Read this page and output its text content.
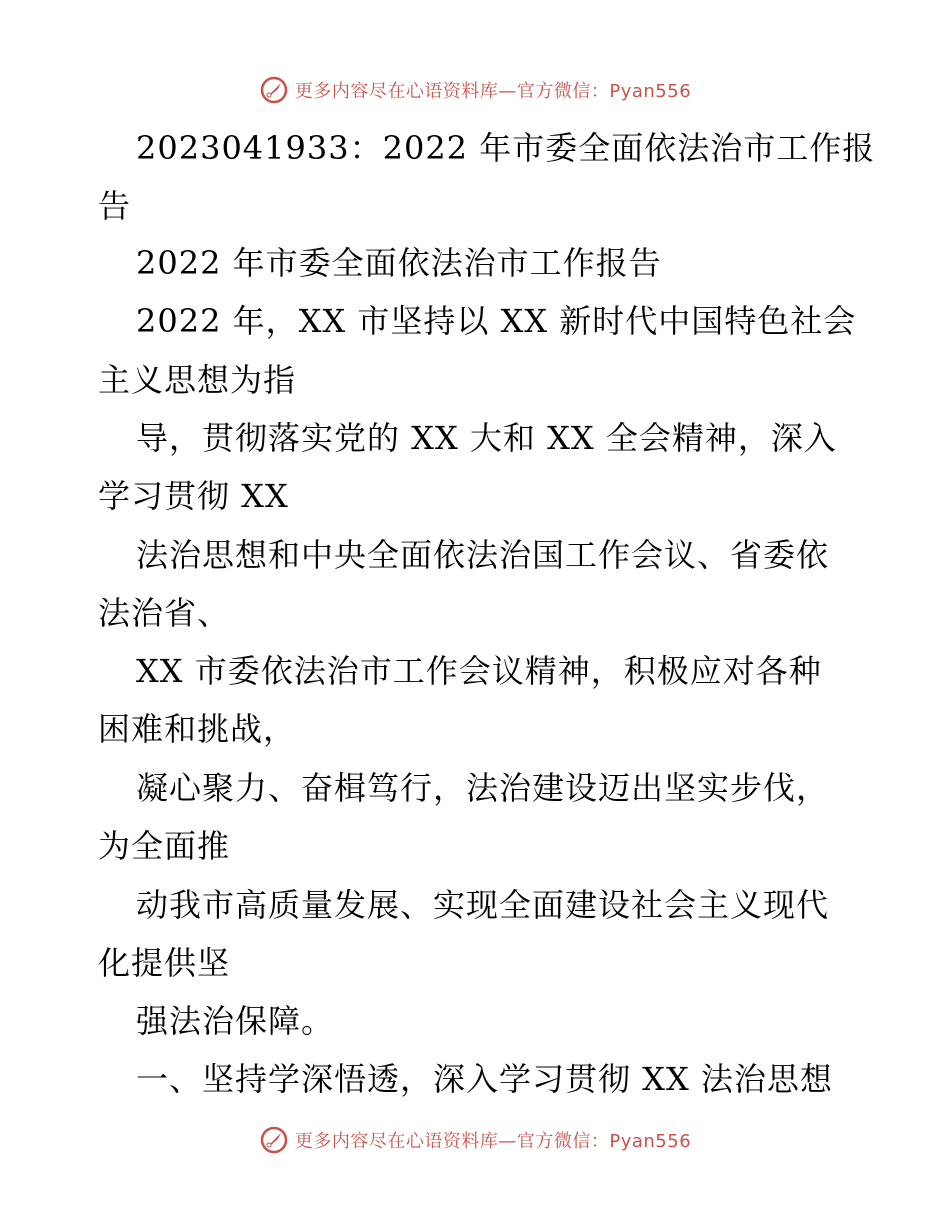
更多内容尽在心语资料库—官方微信：Pyan556
2023041933：2022 年市委全面依法治市工作报
告
2022 年市委全面依法治市工作报告
2022 年，XX 市坚持以 XX 新时代中国特色社会
主义思想为指
导，贯彻落实党的 XX 大和 XX 全会精神，深入
学习贯彻 XX
法治思想和中央全面依法治国工作会议、省委依
法治省、
XX 市委依法治市工作会议精神，积极应对各种
困难和挑战，
凝心聚力、奋楫笃行，法治建设迈出坚实步伐，
为全面推
动我市高质量发展、实现全面建设社会主义现代
化提供坚
强法治保障。
一、坚持学深悟透，深入学习贯彻 XX 法治思想
更多内容尽在心语资料库—官方微信：Pyan556
